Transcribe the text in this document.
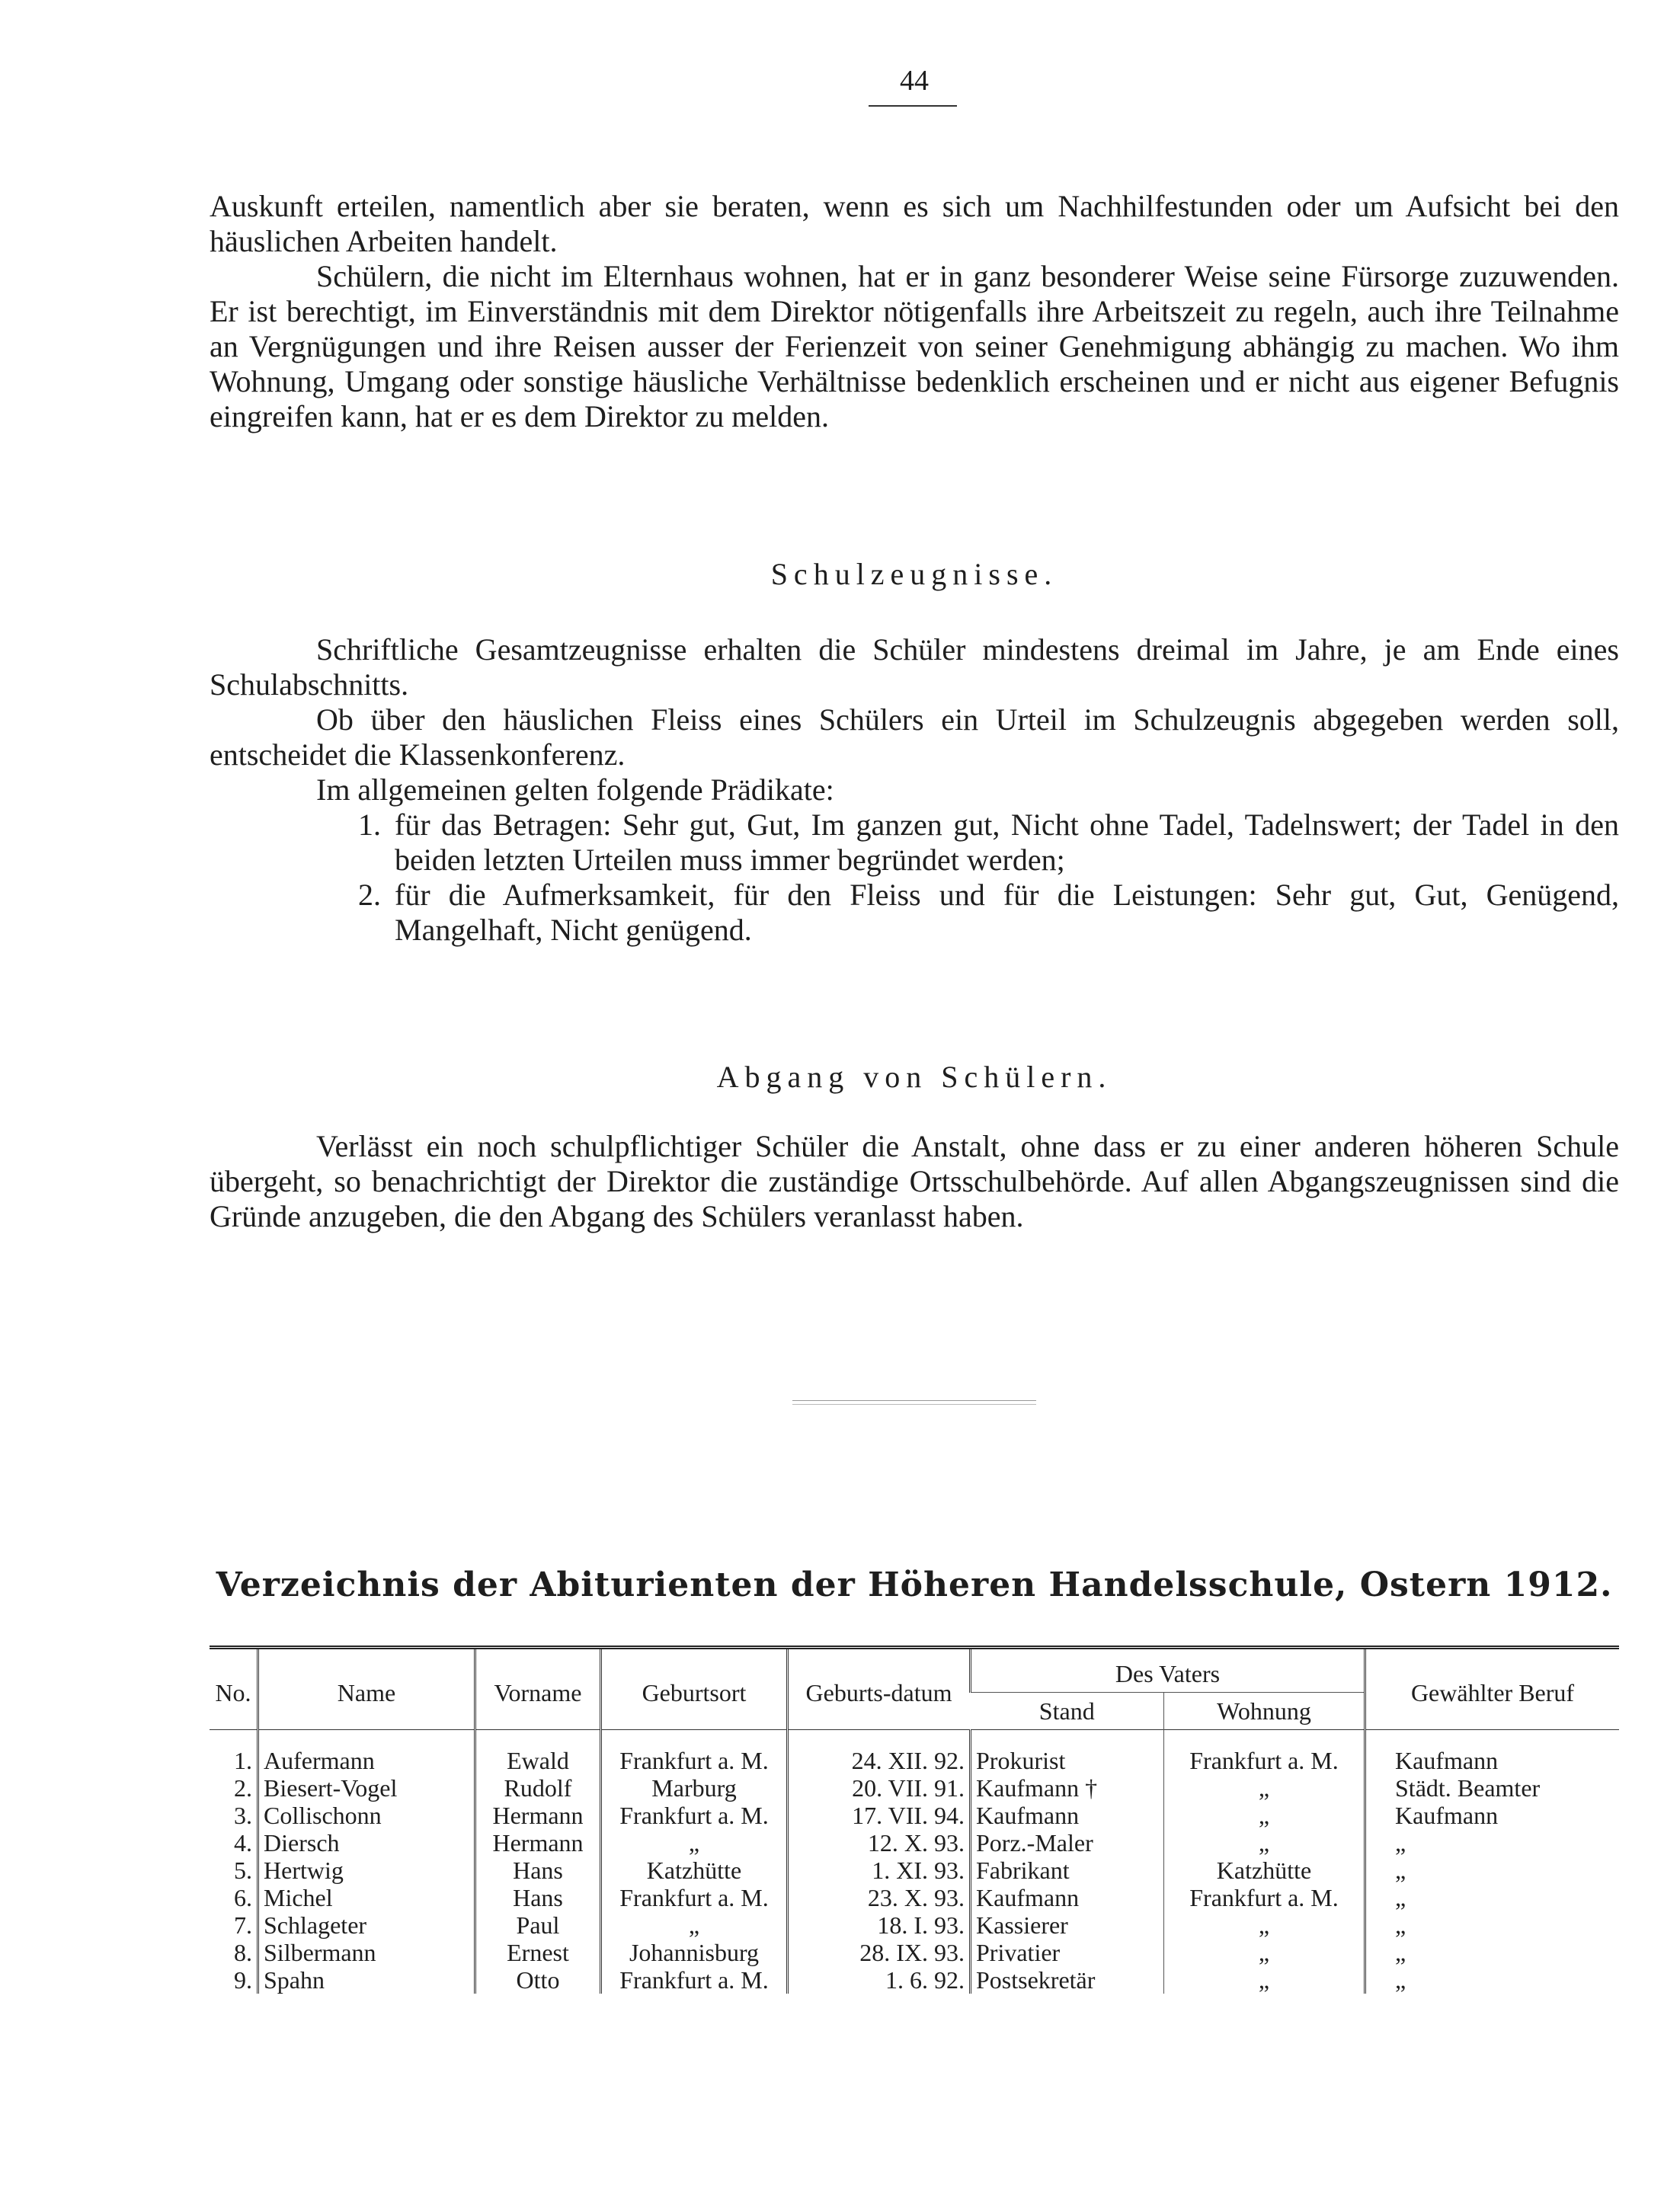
44

Auskunft erteilen, namentlich aber sie beraten, wenn es sich um Nachhilfestunden oder um Aufsicht bei den häuslichen Arbeiten handelt.

Schülern, die nicht im Elternhaus wohnen, hat er in ganz besonderer Weise seine Fürsorge zuzuwenden. Er ist berechtigt, im Einverständnis mit dem Direktor nötigenfalls ihre Arbeitszeit zu regeln, auch ihre Teilnahme an Vergnügungen und ihre Reisen ausser der Ferienzeit von seiner Genehmigung abhängig zu machen. Wo ihm Wohnung, Umgang oder sonstige häusliche Verhältnisse bedenklich erscheinen und er nicht aus eigener Befugnis eingreifen kann, hat er es dem Direktor zu melden.

Schulzeugnisse.

Schriftliche Gesamtzeugnisse erhalten die Schüler mindestens dreimal im Jahre, je am Ende eines Schulabschnitts.

Ob über den häuslichen Fleiss eines Schülers ein Urteil im Schulzeugnis abgegeben werden soll, entscheidet die Klassenkonferenz.

Im allgemeinen gelten folgende Prädikate:

1. für das Betragen: Sehr gut, Gut, Im ganzen gut, Nicht ohne Tadel, Tadelnswert; der Tadel in den beiden letzten Urteilen muss immer begründet werden;
2. für die Aufmerksamkeit, für den Fleiss und für die Leistungen: Sehr gut, Gut, Genügend, Mangelhaft, Nicht genügend.
Abgang von Schülern.

Verlässt ein noch schulpflichtiger Schüler die Anstalt, ohne dass er zu einer anderen höheren Schule übergeht, so benachrichtigt der Direktor die zuständige Ortsschulbehörde. Auf allen Abgangszeugnissen sind die Gründe anzugeben, die den Abgang des Schülers veranlasst haben.

Verzeichnis der Abiturienten der Höheren Handelsschule, Ostern 1912.
No.	Name	Vorname	Geburtsort	Geburts-datum	Des Vaters		Gewählter Beruf
					Stand	Wohnung	
1.	Aufermann	Ewald	Frankfurt a. M.	24. XII. 92.	Prokurist	Frankfurt a. M.	Kaufmann
2.	Biesert-Vogel	Rudolf	Marburg	20. VII. 91.	Kaufmann †	„	Städt. Beamter
3.	Collischonn	Hermann	Frankfurt a. M.	17. VII. 94.	Kaufmann	„	Kaufmann
4.	Diersch	Hermann	„	12. X. 93.	Porz.-Maler	„	„
5.	Hertwig	Hans	Katzhütte	1. XI. 93.	Fabrikant	Katzhütte	„
6.	Michel	Hans	Frankfurt a. M.	23. X. 93.	Kaufmann	Frankfurt a. M.	„
7.	Schlageter	Paul	„	18. I. 93.	Kassierer	„	„
8.	Silbermann	Ernest	Johannisburg	28. IX. 93.	Privatier	„	„
9.	Spahn	Otto	Frankfurt a. M.	1. 6. 92.	Postsekretär	„	„
